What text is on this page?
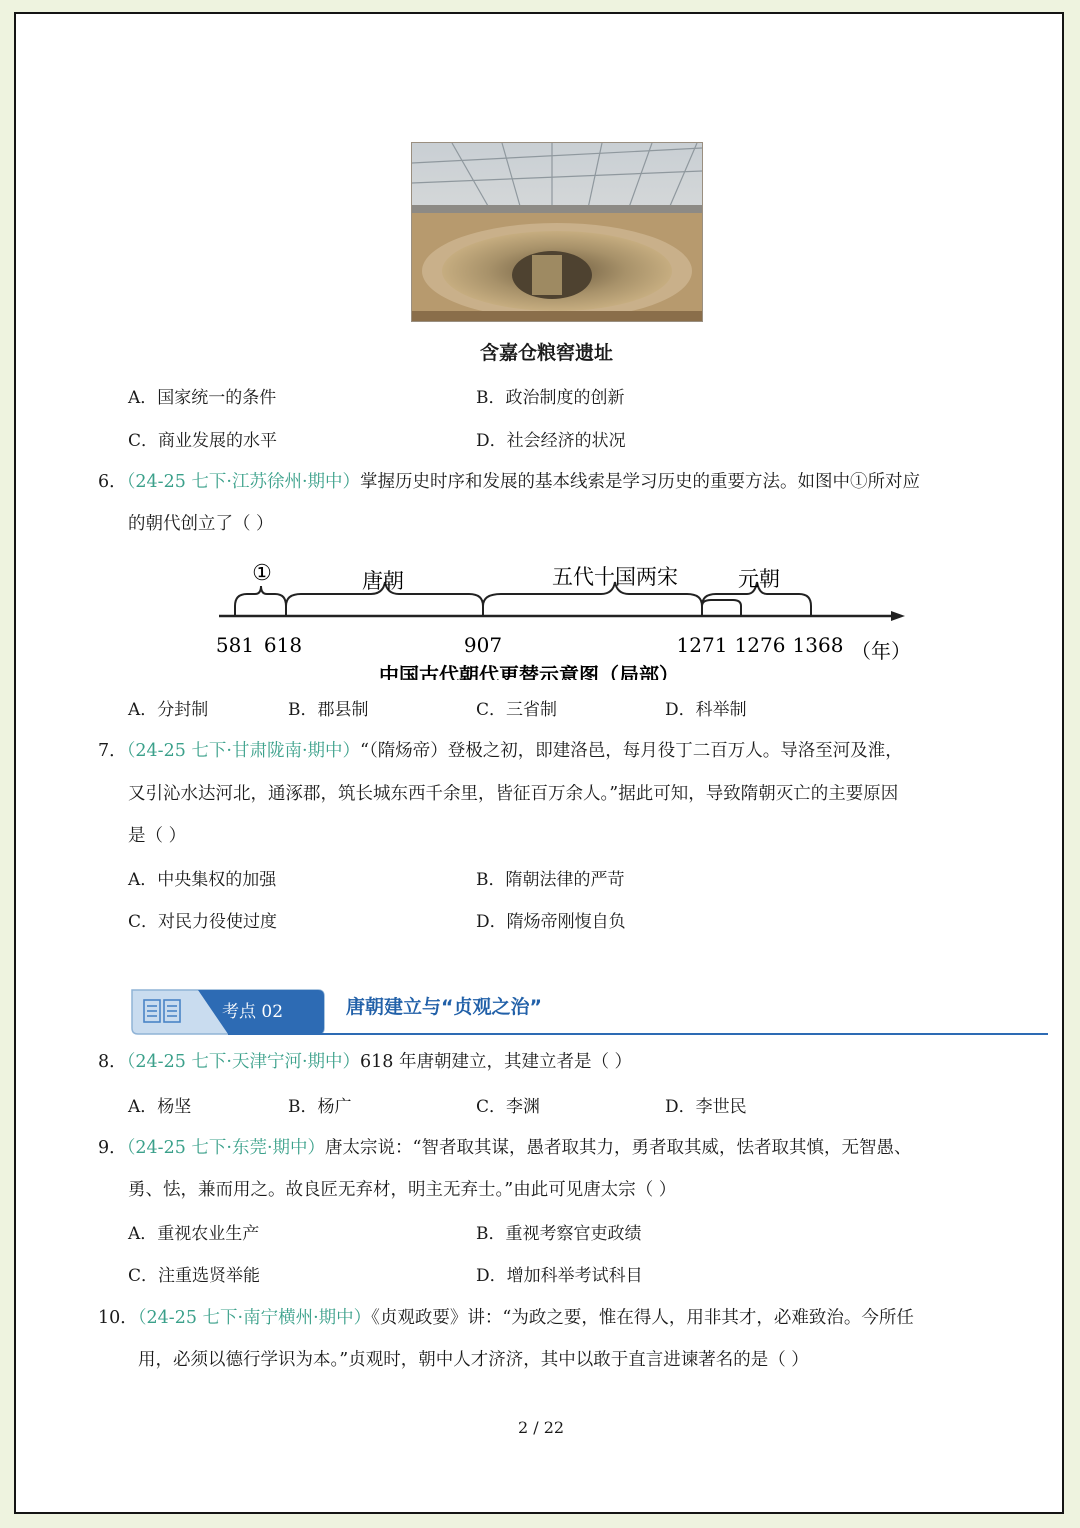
含嘉仓粮窖遗址
A．国家统一的条件	B．政治制度的创新
C．商业发展的水平	D．社会经济的状况
6．（24-25 七下·江苏徐州·期中）掌握历史时序和发展的基本线索是学习历史的重要方法。如图中①所对应
的朝代创立了（ ）
①	唐朝	五代十国两宋	元朝
581 618	907	1271 1276 1368 （年）
中国古代朝代更替示意图（局部）
A．分封制	B．郡县制	C．三省制	D．科举制
7．（24-25 七下·甘肃陇南·期中）“（隋炀帝）登极之初，即建洛邑，每月役丁二百万人。导洛至河及淮，
又引沁水达河北，通涿郡，筑长城东西千余里，皆征百万余人。”据此可知，导致隋朝灭亡的主要原因
是（ ）
A．中央集权的加强	B．隋朝法律的严苛
C．对民力役使过度	D．隋炀帝刚愎自负
考点 02	唐朝建立与“贞观之治”
8．（24-25 七下·天津宁河·期中）618 年唐朝建立，其建立者是（ ）
A．杨坚	B．杨广	C．李渊	D．李世民
9．（24-25 七下·东莞·期中）唐太宗说：“智者取其谋，愚者取其力，勇者取其威，怯者取其慎，无智愚、
勇、怯，兼而用之。故良匠无弃材，明主无弃士。”由此可见唐太宗（ ）
A．重视农业生产	B．重视考察官吏政绩
C．注重选贤举能	D．增加科举考试科目
10．（24-25 七下·南宁横州·期中）《贞观政要》讲：“为政之要，惟在得人，用非其才，必难致治。今所任
用，必须以德行学识为本。”贞观时，朝中人才济济，其中以敢于直言进谏著名的是（ ）
2 / 22
